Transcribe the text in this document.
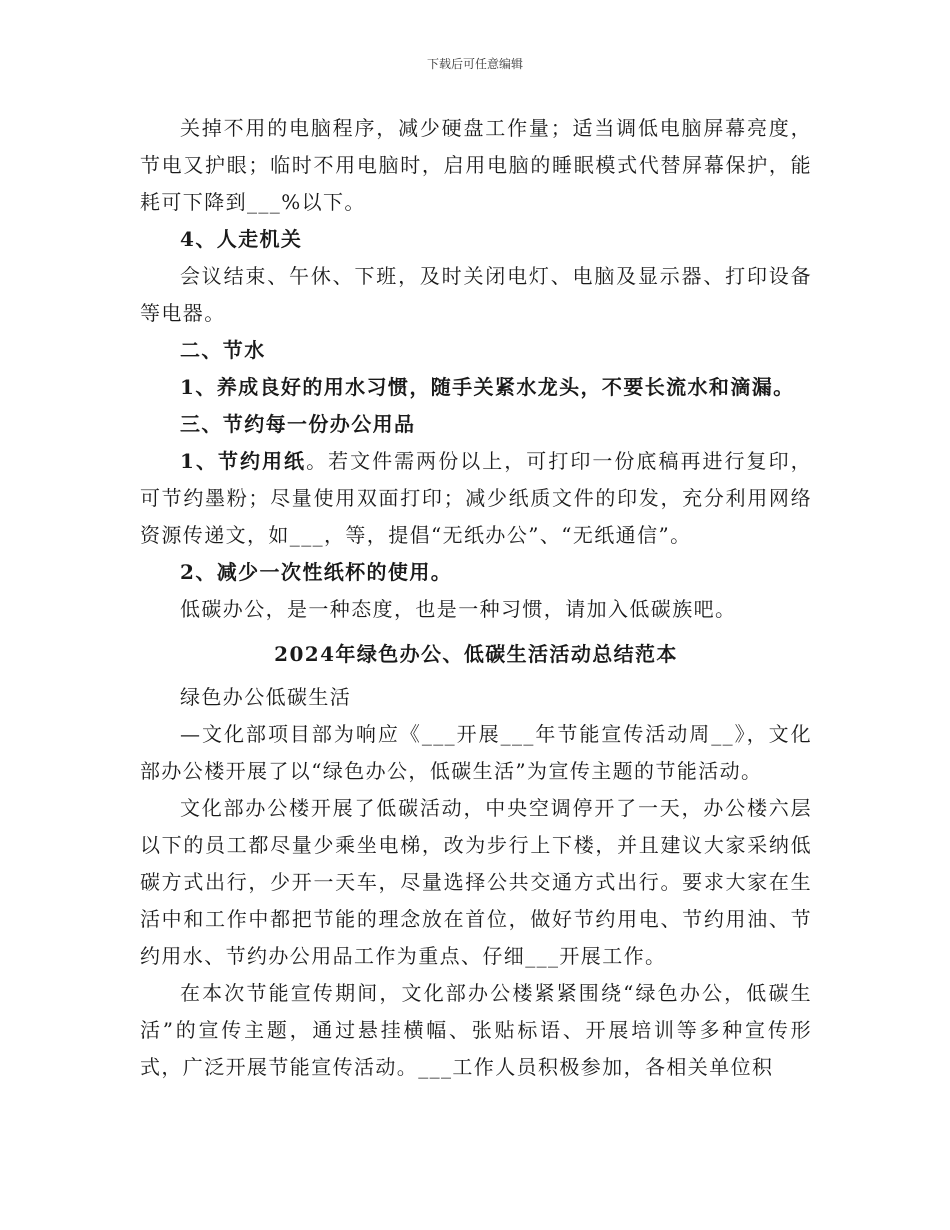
下载后可任意编辑

关掉不用的电脑程序，减少硬盘工作量；适当调低电脑屏幕亮度，节电又护眼；临时不用电脑时，启用电脑的睡眠模式代替屏幕保护，能耗可下降到___%以下。

4、人走机关

会议结束、午休、下班，及时关闭电灯、电脑及显示器、打印设备等电器。

二、节水

1、养成良好的用水习惯，随手关紧水龙头，不要长流水和滴漏。

三、节约每一份办公用品

1、节约用纸。若文件需两份以上，可打印一份底稿再进行复印，可节约墨粉；尽量使用双面打印；减少纸质文件的印发，充分利用网络资源传递文，如___，等，提倡“无纸办公”、“无纸通信”。

2、减少一次性纸杯的使用。

低碳办公，是一种态度，也是一种习惯，请加入低碳族吧。

2024年绿色办公、低碳生活活动总结范本

绿色办公低碳生活

—文化部项目部为响应《___开展___年节能宣传活动周__》，文化部办公楼开展了以“绿色办公，低碳生活”为宣传主题的节能活动。

文化部办公楼开展了低碳活动，中央空调停开了一天，办公楼六层以下的员工都尽量少乘坐电梯，改为步行上下楼，并且建议大家采纳低碳方式出行，少开一天车，尽量选择公共交通方式出行。要求大家在生活中和工作中都把节能的理念放在首位，做好节约用电、节约用油、节约用水、节约办公用品工作为重点、仔细___开展工作。

在本次节能宣传期间，文化部办公楼紧紧围绕“绿色办公，低碳生活”的宣传主题，通过悬挂横幅、张贴标语、开展培训等多种宣传形式，广泛开展节能宣传活动。___工作人员积极参加，各相关单位积
